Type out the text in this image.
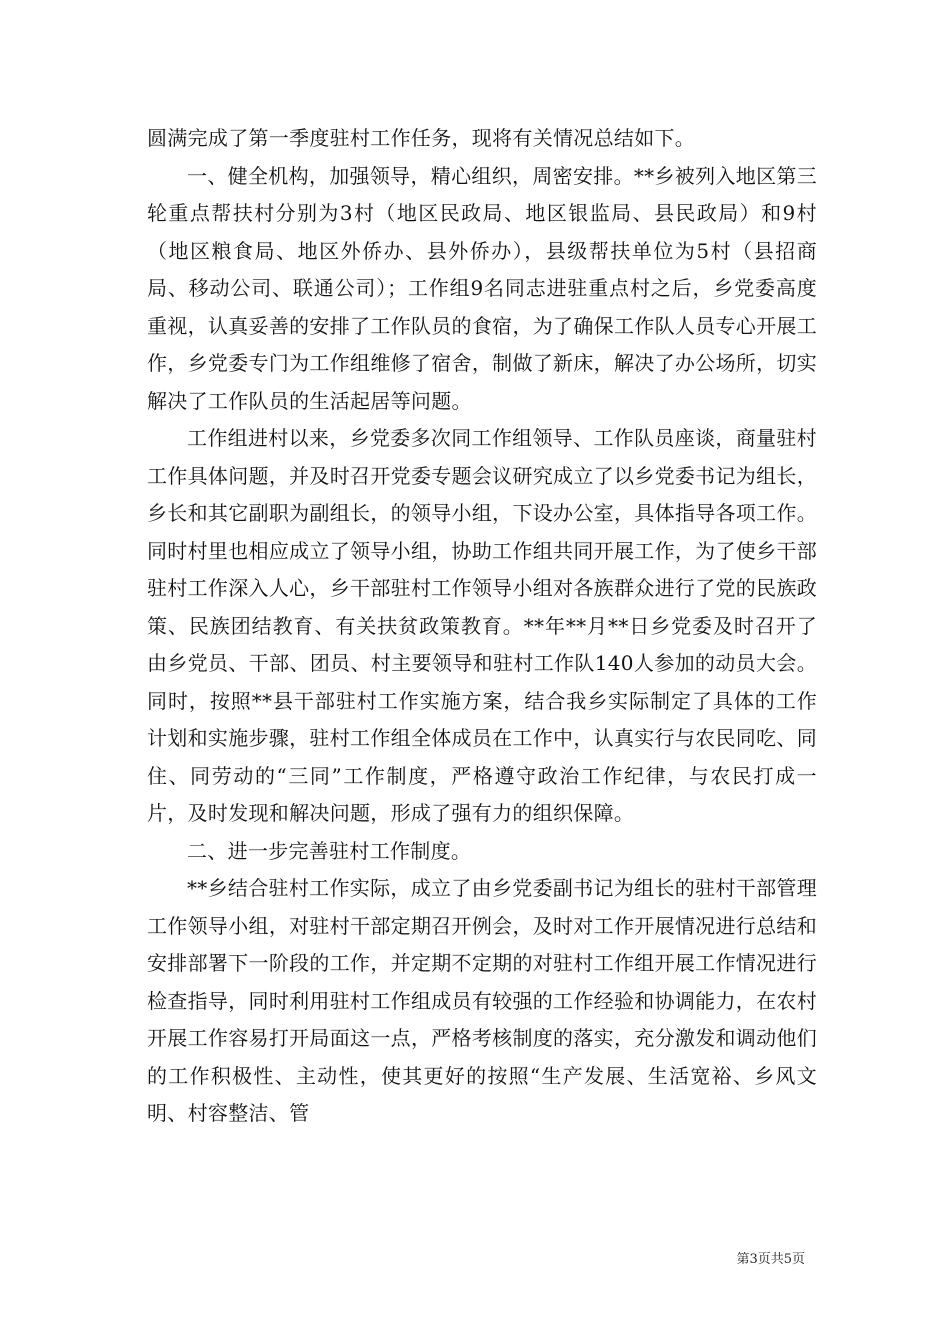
圆满完成了第一季度驻村工作任务，现将有关情况总结如下。

一、健全机构，加强领导，精心组织，周密安排。**乡被列入地区第三轮重点帮扶村分别为3村（地区民政局、地区银监局、县民政局）和9村（地区粮食局、地区外侨办、县外侨办），县级帮扶单位为5村（县招商局、移动公司、联通公司）；工作组9名同志进驻重点村之后，乡党委高度重视，认真妥善的安排了工作队员的食宿，为了确保工作队人员专心开展工作，乡党委专门为工作组维修了宿舍，制做了新床，解决了办公场所，切实解决了工作队员的生活起居等问题。

工作组进村以来，乡党委多次同工作组领导、工作队员座谈，商量驻村工作具体问题，并及时召开党委专题会议研究成立了以乡党委书记为组长，乡长和其它副职为副组长，的领导小组，下设办公室，具体指导各项工作。同时村里也相应成立了领导小组，协助工作组共同开展工作，为了使乡干部驻村工作深入人心，乡干部驻村工作领导小组对各族群众进行了党的民族政策、民族团结教育、有关扶贫政策教育。**年**月**日乡党委及时召开了由乡党员、干部、团员、村主要领导和驻村工作队140人参加的动员大会。同时，按照**县干部驻村工作实施方案，结合我乡实际制定了具体的工作计划和实施步骤，驻村工作组全体成员在工作中，认真实行与农民同吃、同住、同劳动的“三同”工作制度，严格遵守政治工作纪律，与农民打成一片，及时发现和解决问题，形成了强有力的组织保障。

二、进一步完善驻村工作制度。

**乡结合驻村工作实际，成立了由乡党委副书记为组长的驻村干部管理工作领导小组，对驻村干部定期召开例会，及时对工作开展情况进行总结和安排部署下一阶段的工作，并定期不定期的对驻村工作组开展工作情况进行检查指导，同时利用驻村工作组成员有较强的工作经验和协调能力，在农村开展工作容易打开局面这一点，严格考核制度的落实，充分激发和调动他们的工作积极性、主动性，使其更好的按照“生产发展、生活宽裕、乡风文明、村容整洁、管

第3页共5页
